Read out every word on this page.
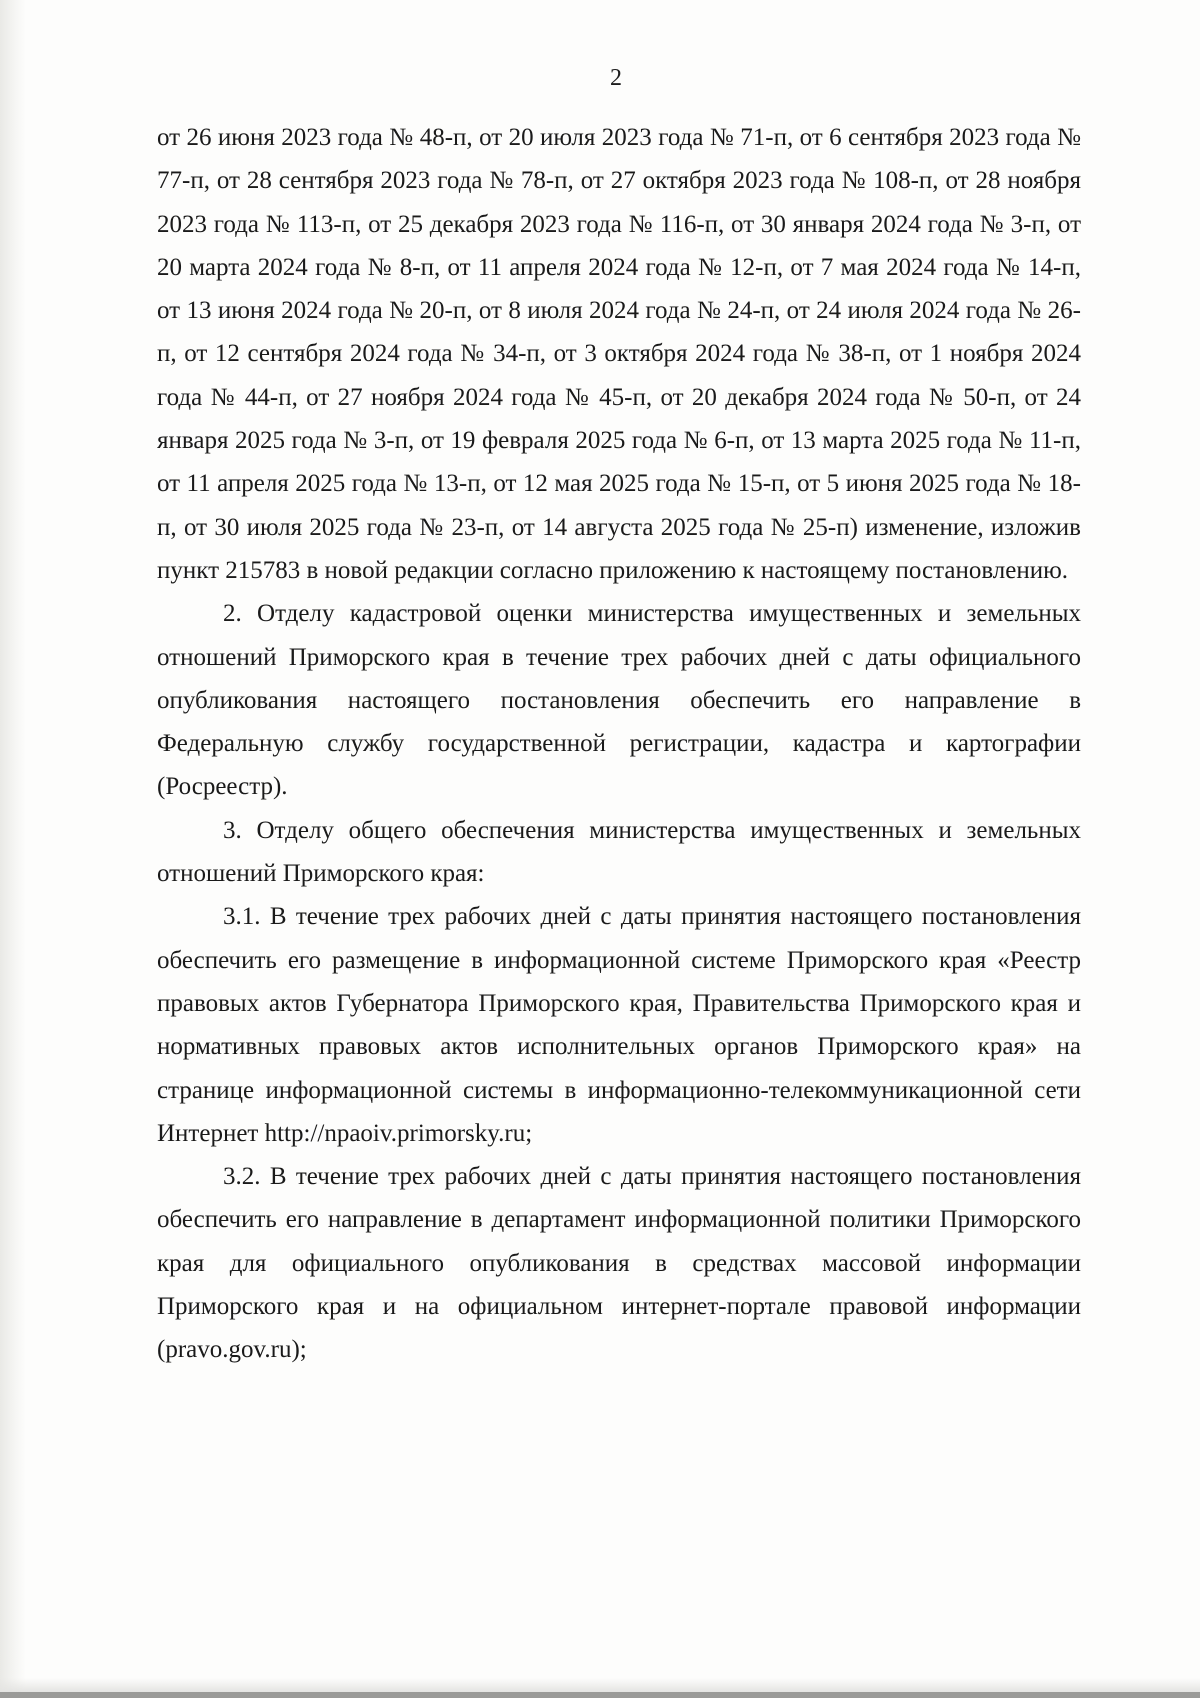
2

от 26 июня 2023 года № 48-п, от 20 июля 2023 года № 71-п, от 6 сентября 2023 года № 77-п, от 28 сентября 2023 года № 78-п, от 27 октября 2023 года № 108-п, от 28 ноября 2023 года № 113-п, от 25 декабря 2023 года № 116-п, от 30 января 2024 года № 3-п, от 20 марта 2024 года № 8-п, от 11 апреля 2024 года № 12-п, от 7 мая 2024 года № 14-п, от 13 июня 2024 года № 20-п, от 8 июля 2024 года № 24-п, от 24 июля 2024 года № 26-п, от 12 сентября 2024 года № 34-п, от 3 октября 2024 года № 38-п, от 1 ноября 2024 года № 44-п, от 27 ноября 2024 года № 45-п, от 20 декабря 2024 года № 50-п, от 24 января 2025 года № 3-п, от 19 февраля 2025 года № 6-п, от 13 марта 2025 года № 11-п, от 11 апреля 2025 года № 13-п, от 12 мая 2025 года № 15-п, от 5 июня 2025 года № 18-п, от 30 июля 2025 года № 23-п, от 14 августа 2025 года № 25-п) изменение, изложив пункт 215783 в новой редакции согласно приложению к настоящему постановлению.

2. Отделу кадастровой оценки министерства имущественных и земельных отношений Приморского края в течение трех рабочих дней с даты официального опубликования настоящего постановления обеспечить его направление в Федеральную службу государственной регистрации, кадастра и картографии (Росреестр).

3. Отделу общего обеспечения министерства имущественных и земельных отношений Приморского края:

3.1. В течение трех рабочих дней с даты принятия настоящего постановления обеспечить его размещение в информационной системе Приморского края «Реестр правовых актов Губернатора Приморского края, Правительства Приморского края и нормативных правовых актов исполнительных органов Приморского края» на странице информационной системы в информационно-телекоммуникационной сети Интернет http://npaoiv.primorsky.ru;

3.2. В течение трех рабочих дней с даты принятия настоящего постановления обеспечить его направление в департамент информационной политики Приморского края для официального опубликования в средствах массовой информации Приморского края и на официальном интернет-портале правовой информации (pravo.gov.ru);
